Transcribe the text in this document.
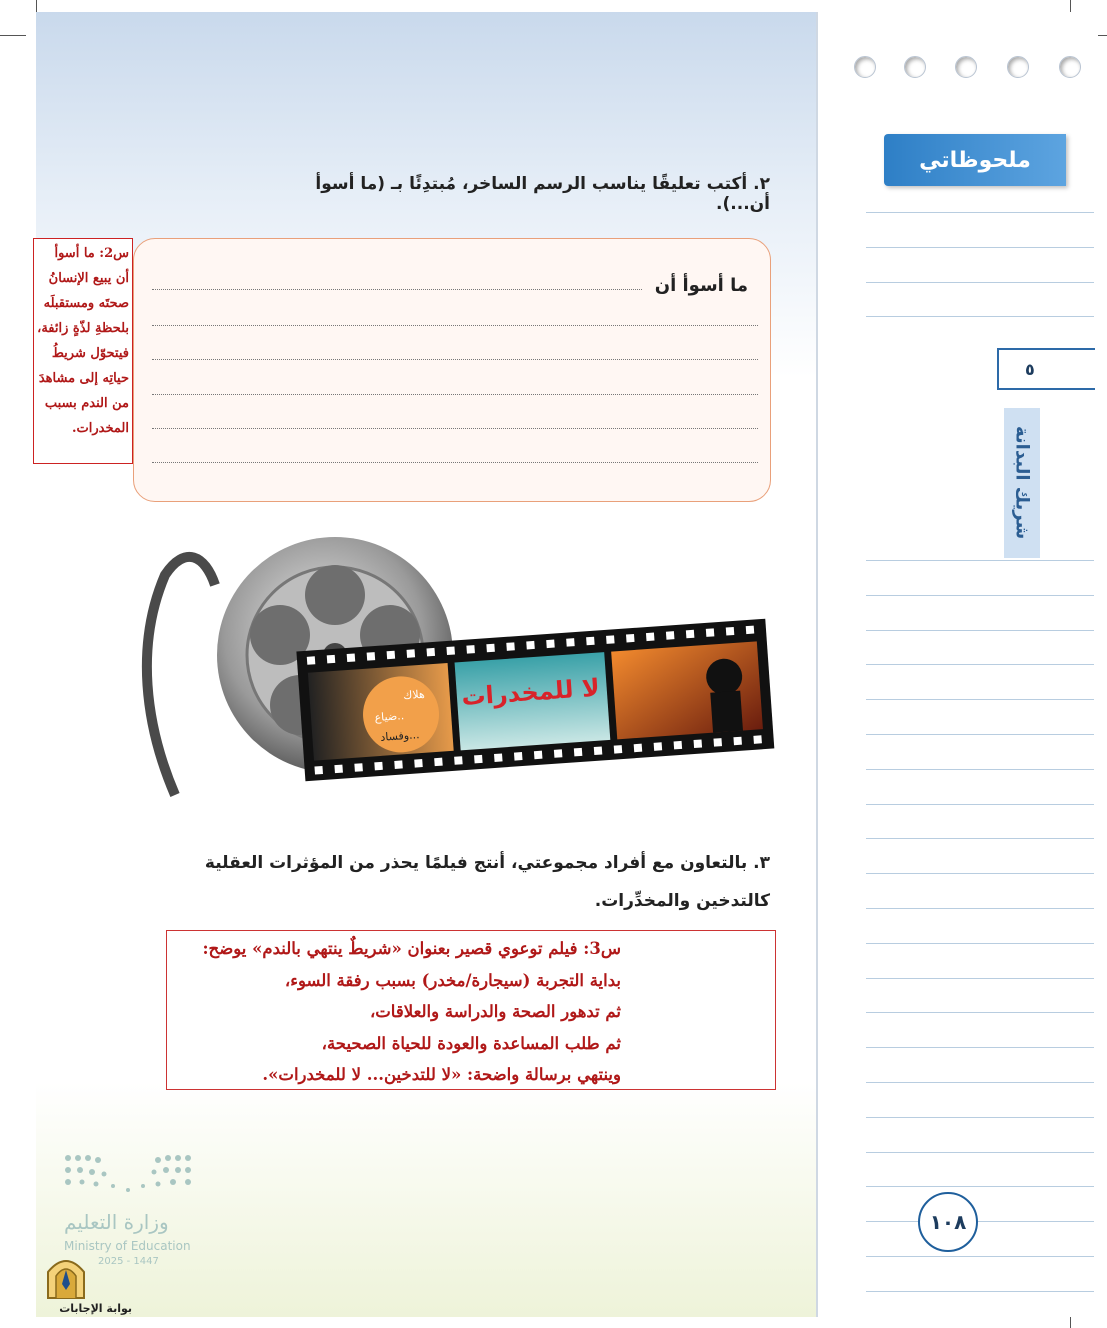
ملحوظاتي
٥
شريك البدانة
١٠٨
٢. أكتب تعليقًا يناسب الرسم الساخر، مُبتدِئًا بـ (ما أسوأ أن...).
ما أسوأ أن
س2: ما أسوأ أن يبيع الإنسانُ صحتَه ومستقبلَه بلحظةِ لذّةٍ زائفة، فيتحوّل شريطُ حياتِه إلى مشاهدَ من الندم بسبب المخدرات.
هلاك
ضياع..
وفساد...
لا للمخدرات
٣. بالتعاون مع أفراد مجموعتي، أنتج فيلمًا يحذر من المؤثرات العقلية كالتدخين والمخدِّرات.
س3: فيلم توعوي قصير بعنوان «شريطٌ ينتهي بالندم» يوضح:
بداية التجربة (سيجارة/مخدر) بسبب رفقة السوء،
ثم تدهور الصحة والدراسة والعلاقات،
ثم طلب المساعدة والعودة للحياة الصحيحة،
وينتهي برسالة واضحة: «لا للتدخين... لا للمخدرات».
وزارة التعليم
Ministry of Education
2025 - 1447
بوابة الإجابات
